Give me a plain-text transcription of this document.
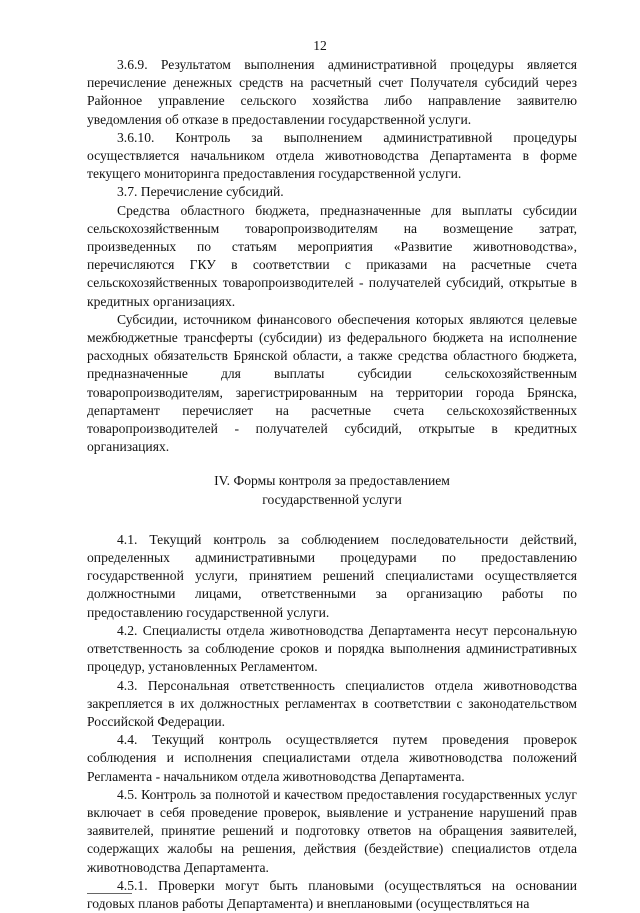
12

3.6.9. Результатом выполнения административной процедуры является перечисление денежных средств на расчетный счет Получателя субсидий через Районное управление сельского хозяйства либо направление заявителю уведомления об отказе в предоставлении государственной услуги.

3.6.10. Контроль за выполнением административной процедуры осуществляется начальником отдела животноводства Департамента в форме текущего мониторинга предоставления государственной услуги.

3.7. Перечисление субсидий.

Средства областного бюджета, предназначенные для выплаты субсидии сельскохозяйственным товаропроизводителям на возмещение затрат, произведенных по статьям мероприятия «Развитие животноводства», перечисляются ГКУ в соответствии с приказами на расчетные счета сельскохозяйственных товаропроизводителей - получателей субсидий, открытые в кредитных организациях.

Субсидии, источником финансового обеспечения которых являются целевые межбюджетные трансферты (субсидии) из федерального бюджета на исполнение расходных обязательств Брянской области, а также средства областного бюджета, предназначенные для выплаты субсидии сельскохозяйственным товаропроизводителям, зарегистрированным на территории города Брянска, департамент перечисляет на расчетные счета сельскохозяйственных товаропроизводителей - получателей субсидий, открытые в кредитных организациях.

IV. Формы контроля за предоставлением
государственной услуги

4.1. Текущий контроль за соблюдением последовательности действий, определенных административными процедурами по предоставлению государственной услуги, принятием решений специалистами осуществляется должностными лицами, ответственными за организацию работы по предоставлению государственной услуги.

4.2. Специалисты отдела животноводства Департамента несут персональную ответственность за соблюдение сроков и порядка выполнения административных процедур, установленных Регламентом.

4.3. Персональная ответственность специалистов отдела животноводства закрепляется в их должностных регламентах в соответствии с законодательством Российской Федерации.

4.4. Текущий контроль осуществляется путем проведения проверок соблюдения и исполнения специалистами отдела животноводства положений Регламента - начальником отдела животноводства Департамента.

4.5. Контроль за полнотой и качеством предоставления государственных услуг включает в себя проведение проверок, выявление и устранение нарушений прав заявителей, принятие решений и подготовку ответов на обращения заявителей, содержащих жалобы на решения, действия (бездействие) специалистов отдела животноводства Департамента.

4.5.1. Проверки могут быть плановыми (осуществляться на основании годовых планов работы Департамента) и внеплановыми (осуществляться на
